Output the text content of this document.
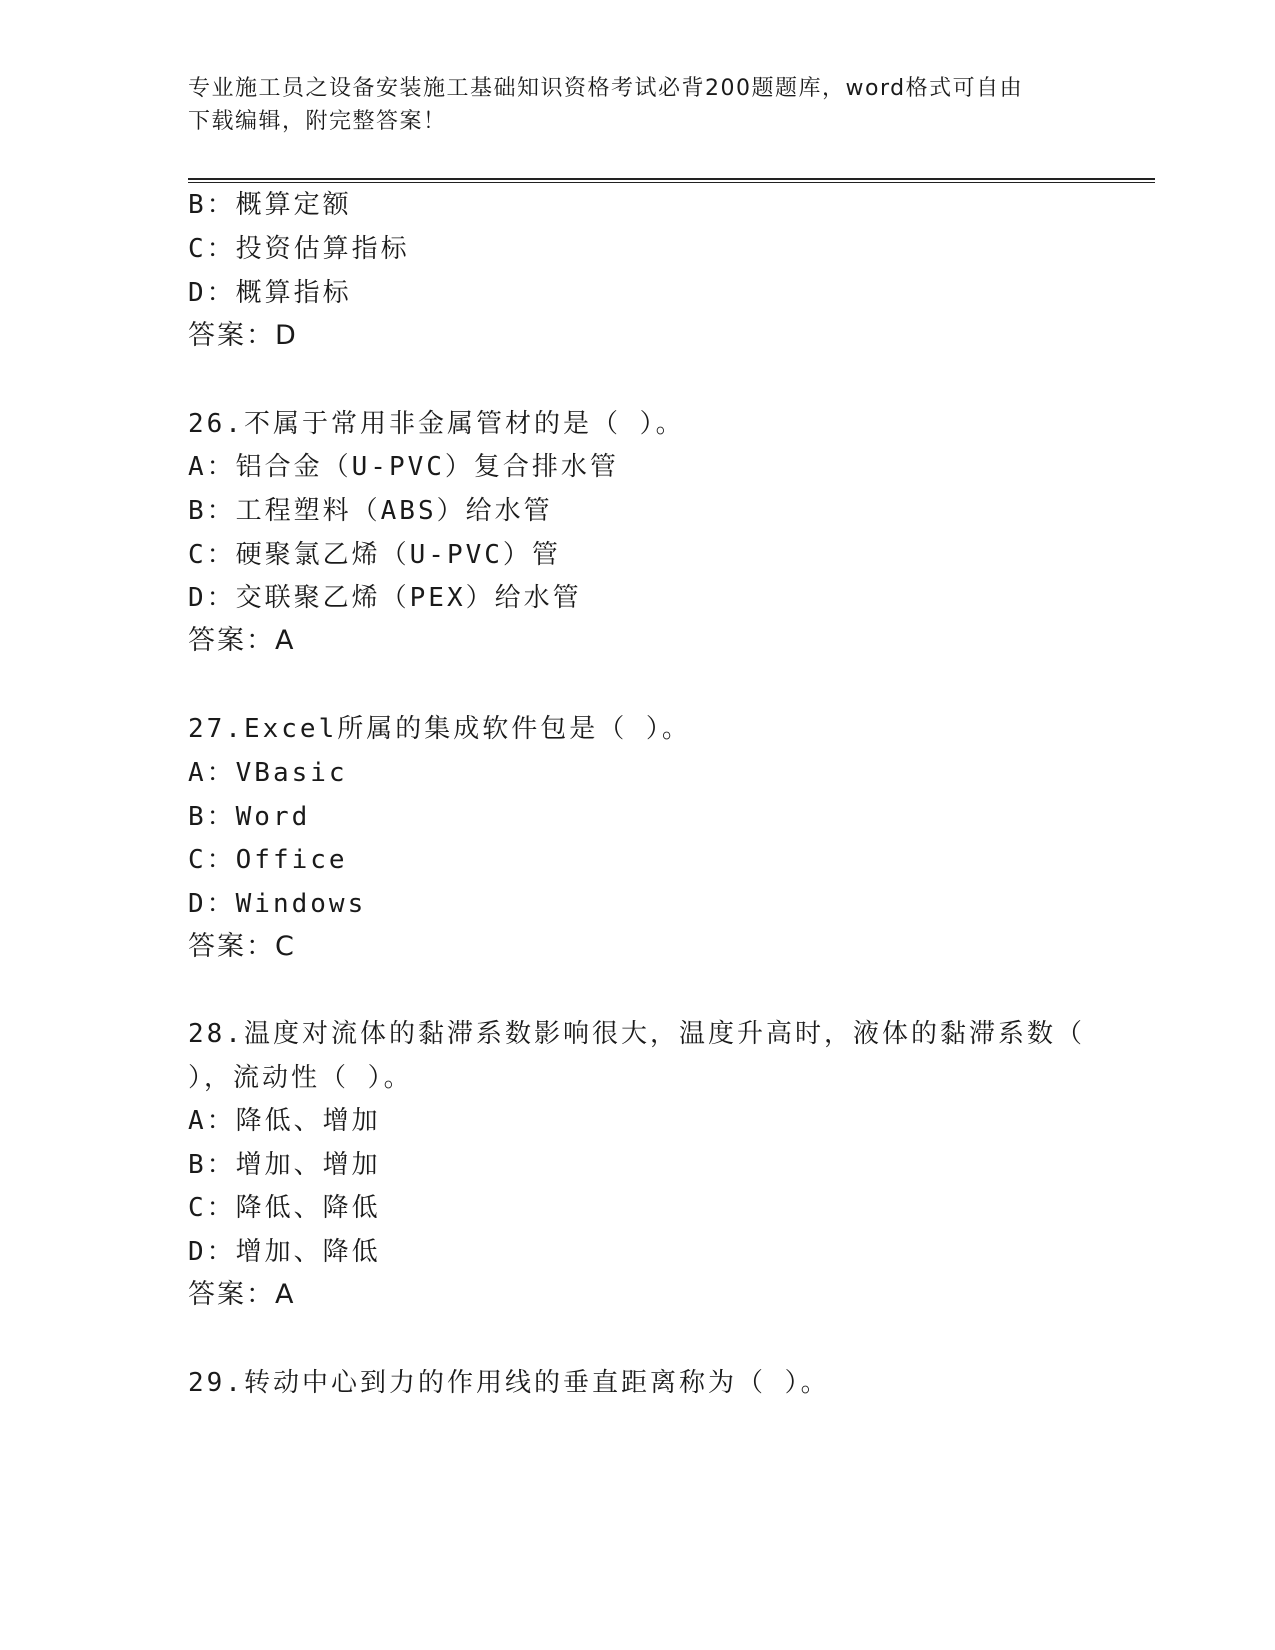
专业施工员之设备安装施工基础知识资格考试必背200题题库，word格式可自由
下载编辑，附完整答案！
B：概算定额
C：投资估算指标
D：概算指标
答案：D
26.不属于常用非金属管材的是（ ）。
A：铝合金（U-PVC）复合排水管
B：工程塑料（ABS）给水管
C：硬聚氯乙烯（U-PVC）管
D：交联聚乙烯（PEX）给水管
答案：A
27.Excel所属的集成软件包是（ ）。
A：VBasic
B：Word
C：Office
D：Windows
答案：C
28.温度对流体的黏滞系数影响很大，温度升高时，液体的黏滞系数（
），流动性（ ）。
A：降低、增加
B：增加、增加
C：降低、降低
D：增加、降低
答案：A
29.转动中心到力的作用线的垂直距离称为（ ）。
